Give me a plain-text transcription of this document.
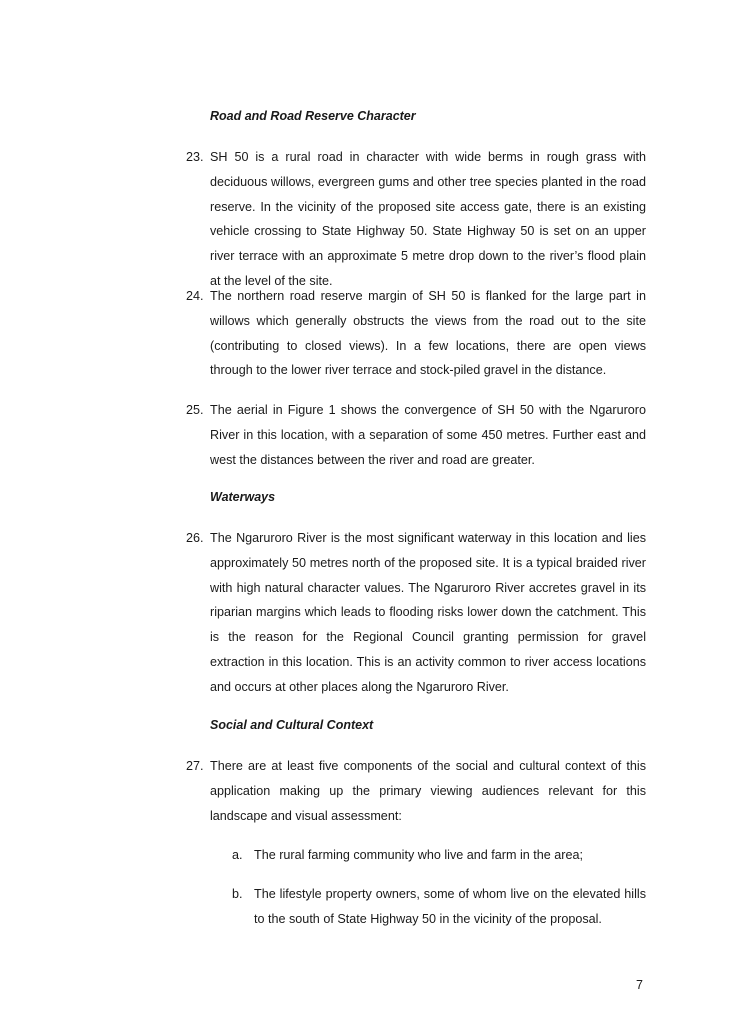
Road and Road Reserve Character
23. SH 50 is a rural road in character with wide berms in rough grass with deciduous willows, evergreen gums and other tree species planted in the road reserve. In the vicinity of the proposed site access gate, there is an existing vehicle crossing to State Highway 50. State Highway 50 is set on an upper river terrace with an approximate 5 metre drop down to the river’s flood plain at the level of the site.
24. The northern road reserve margin of SH 50 is flanked for the large part in willows which generally obstructs the views from the road out to the site (contributing to closed views). In a few locations, there are open views through to the lower river terrace and stock-piled gravel in the distance.
25. The aerial in Figure 1 shows the convergence of SH 50 with the Ngaruroro River in this location, with a separation of some 450 metres. Further east and west the distances between the river and road are greater.
Waterways
26. The Ngaruroro River is the most significant waterway in this location and lies approximately 50 metres north of the proposed site. It is a typical braided river with high natural character values. The Ngaruroro River accretes gravel in its riparian margins which leads to flooding risks lower down the catchment. This is the reason for the Regional Council granting permission for gravel extraction in this location. This is an activity common to river access locations and occurs at other places along the Ngaruroro River.
Social and Cultural Context
27. There are at least five components of the social and cultural context of this application making up the primary viewing audiences relevant for this landscape and visual assessment:
a. The rural farming community who live and farm in the area;
b. The lifestyle property owners, some of whom live on the elevated hills to the south of State Highway 50 in the vicinity of the proposal.
7
